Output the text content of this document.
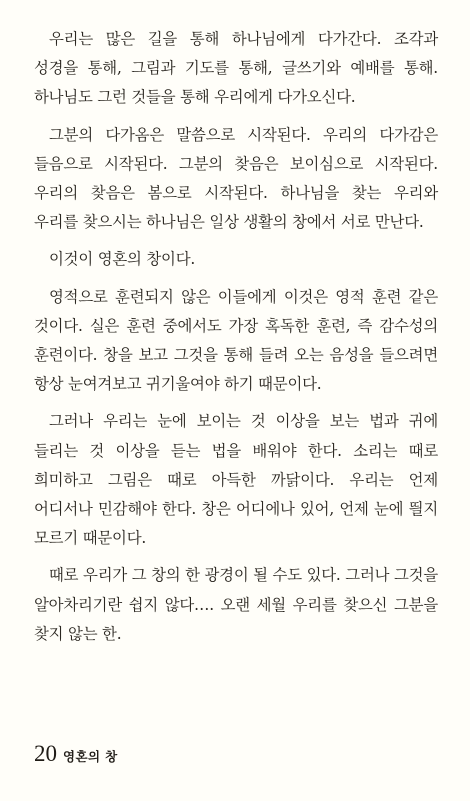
우리는 많은 길을 통해 하나님에게 다가간다. 조각과 성경을 통해, 그림과 기도를 통해, 글쓰기와 예배를 통해. 하나님도 그런 것들을 통해 우리에게 다가오신다.

그분의 다가옴은 말씀으로 시작된다. 우리의 다가감은 들음으로 시작된다. 그분의 찾음은 보이심으로 시작된다. 우리의 찾음은 봄으로 시작된다. 하나님을 찾는 우리와 우리를 찾으시는 하나님은 일상 생활의 창에서 서로 만난다.

이것이 영혼의 창이다.

영적으로 훈련되지 않은 이들에게 이것은 영적 훈련 같은 것이다. 실은 훈련 중에서도 가장 혹독한 훈련, 즉 감수성의 훈련이다. 창을 보고 그것을 통해 들려 오는 음성을 들으려면 항상 눈여겨보고 귀기울여야 하기 때문이다.

그러나 우리는 눈에 보이는 것 이상을 보는 법과 귀에 들리는 것 이상을 듣는 법을 배워야 한다. 소리는 때로 희미하고 그림은 때로 아득한 까닭이다. 우리는 언제 어디서나 민감해야 한다. 창은 어디에나 있어, 언제 눈에 띌지 모르기 때문이다.

때로 우리가 그 창의 한 광경이 될 수도 있다. 그러나 그것을 알아차리기란 쉽지 않다…. 오랜 세월 우리를 찾으신 그분을 찾지 않는 한.

20 영혼의 창
